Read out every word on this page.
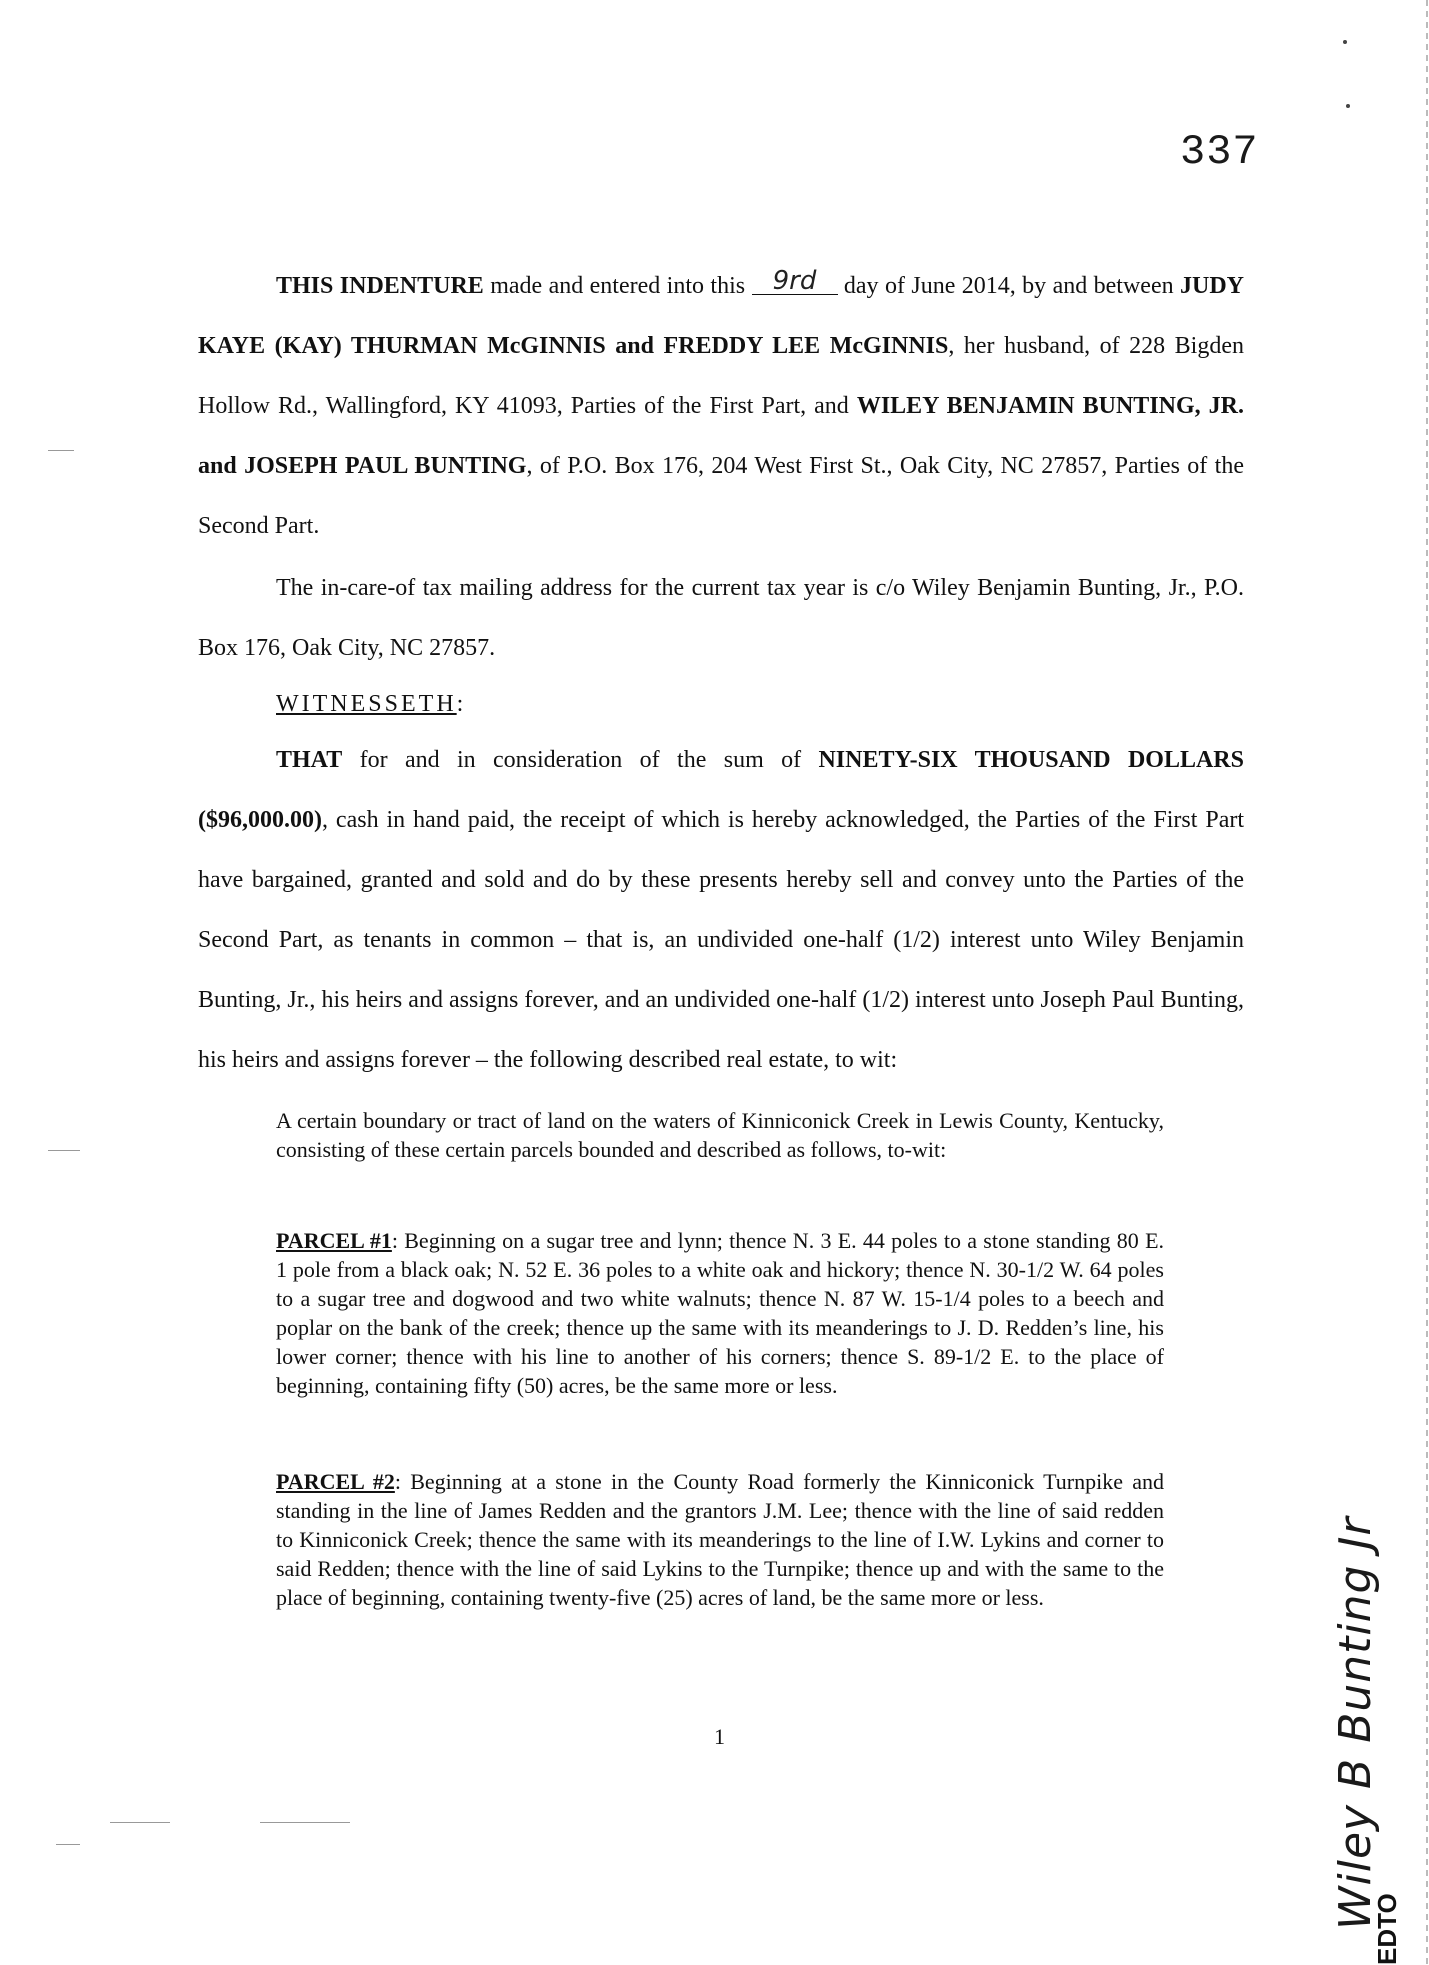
337
THIS INDENTURE made and entered into this 9rd day of June 2014, by and between JUDY KAYE (KAY) THURMAN McGINNIS and FREDDY LEE McGINNIS, her husband, of 228 Bigden Hollow Rd., Wallingford, KY 41093, Parties of the First Part, and WILEY BENJAMIN BUNTING, JR. and JOSEPH PAUL BUNTING, of P.O. Box 176, 204 West First St., Oak City, NC 27857, Parties of the Second Part.
The in-care-of tax mailing address for the current tax year is c/o Wiley Benjamin Bunting, Jr., P.O. Box 176, Oak City, NC 27857.
WITNESSETH:
THAT for and in consideration of the sum of NINETY-SIX THOUSAND DOLLARS ($96,000.00), cash in hand paid, the receipt of which is hereby acknowledged, the Parties of the First Part have bargained, granted and sold and do by these presents hereby sell and convey unto the Parties of the Second Part, as tenants in common – that is, an undivided one-half (1/2) interest unto Wiley Benjamin Bunting, Jr., his heirs and assigns forever, and an undivided one-half (1/2) interest unto Joseph Paul Bunting, his heirs and assigns forever – the following described real estate, to wit:
A certain boundary or tract of land on the waters of Kinniconick Creek in Lewis County, Kentucky, consisting of these certain parcels bounded and described as follows, to-wit:
PARCEL #1: Beginning on a sugar tree and lynn; thence N. 3 E. 44 poles to a stone standing 80 E. 1 pole from a black oak; N. 52 E. 36 poles to a white oak and hickory; thence N. 30-1/2 W. 64 poles to a sugar tree and dogwood and two white walnuts; thence N. 87 W. 15-1/4 poles to a beech and poplar on the bank of the creek; thence up the same with its meanderings to J. D. Redden’s line, his lower corner; thence with his line to another of his corners; thence S. 89-1/2 E. to the place of beginning, containing fifty (50) acres, be the same more or less.
PARCEL #2: Beginning at a stone in the County Road formerly the Kinniconick Turnpike and standing in the line of James Redden and the grantors J.M. Lee; thence with the line of said redden to Kinniconick Creek; thence the same with its meanderings to the line of I.W. Lykins and corner to said Redden; thence with the line of said Lykins to the Turnpike; thence up and with the same to the place of beginning, containing twenty-five (25) acres of land, be the same more or less.
1	Wiley B Bunting Jr
EDTO
